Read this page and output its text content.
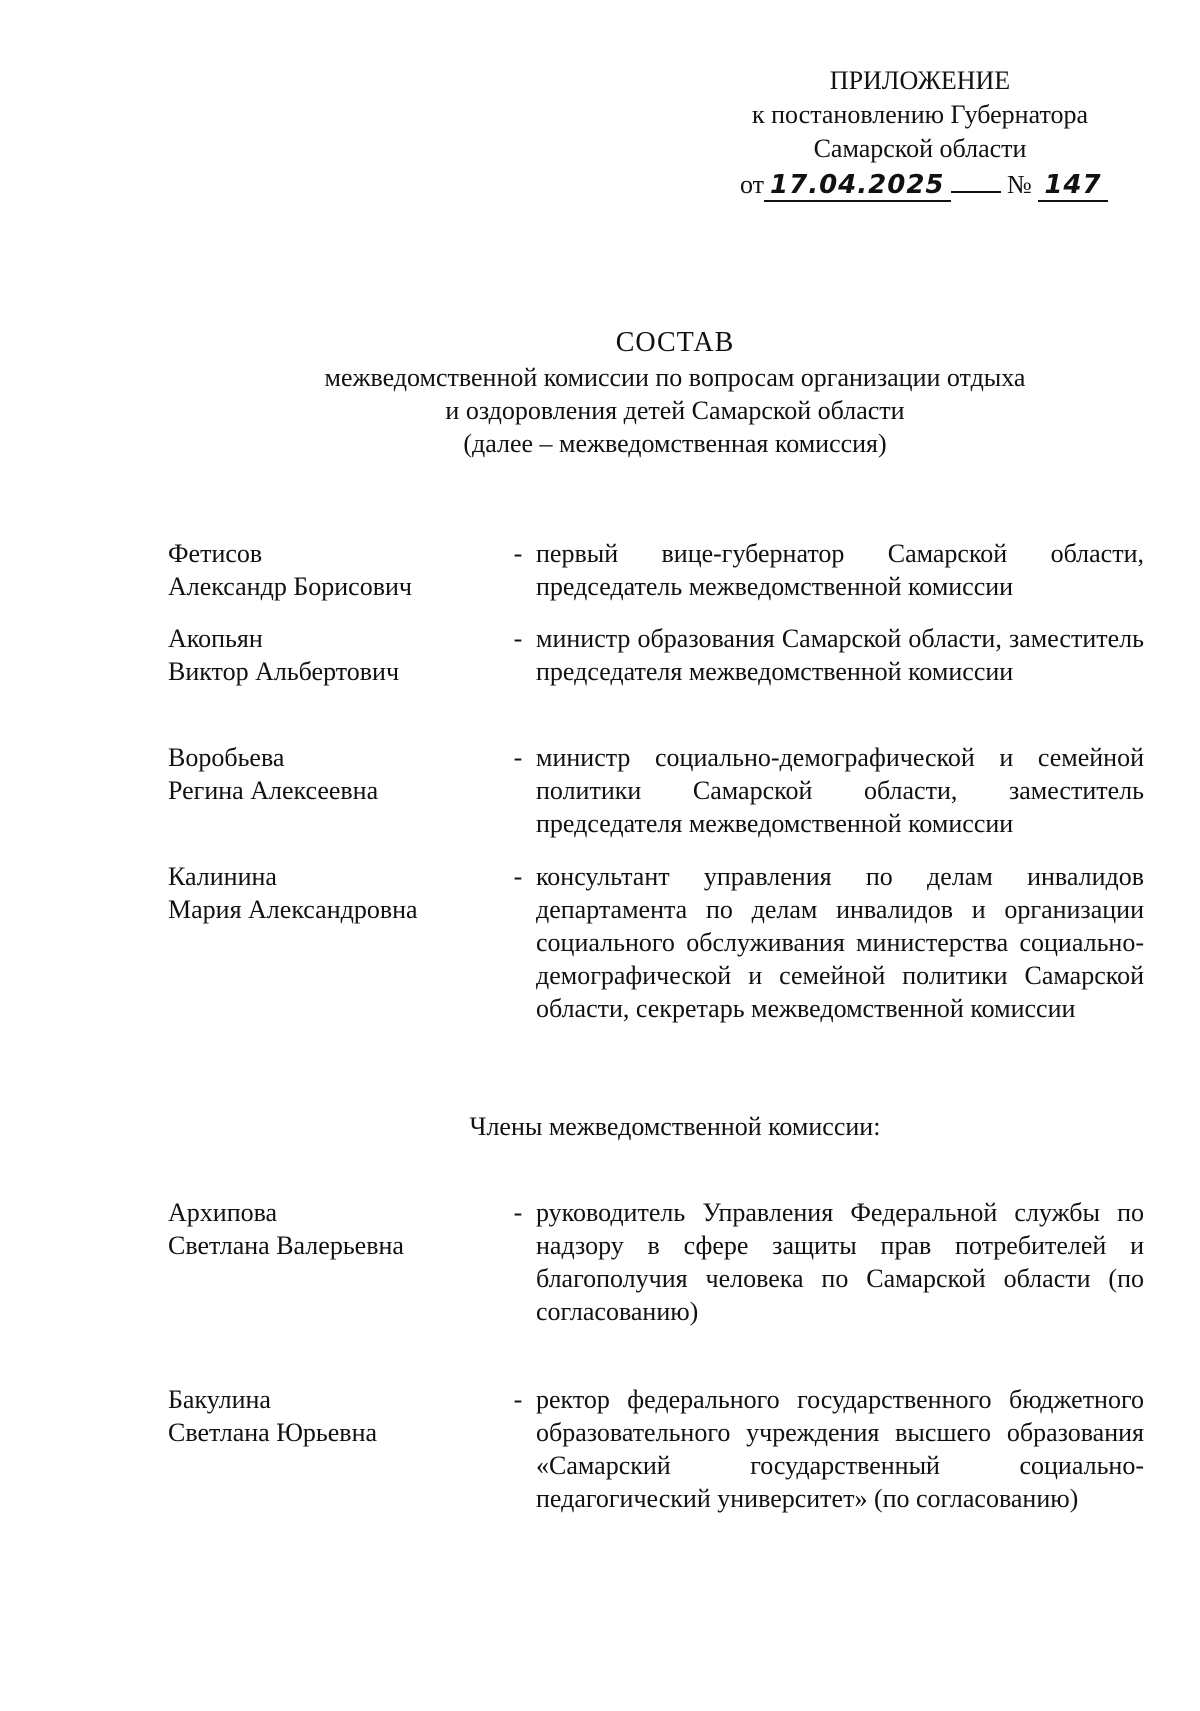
ПРИЛОЖЕНИЕ
к постановлению Губернатора
Самарской области
от 17.04.2025 № 147
СОСТАВ
межведомственной комиссии по вопросам организации отдыха
и оздоровления детей Самарской области
(далее – межведомственная комиссия)
Фетисов
Александр Борисович
- первый вице-губернатор Самарской области, председатель межведомственной комиссии
Акопьян
Виктор Альбертович
- министр образования Самарской области, заместитель председателя межведомственной комиссии
Воробьева
Регина Алексеевна
- министр социально-демографической и семейной политики Самарской области, заместитель председателя межведомственной комиссии
Калинина
Мария Александровна
- консультант управления по делам инвалидов департамента по делам инвалидов и организации социального обслуживания министерства социально-демографической и семейной политики Самарской области, секретарь межведомственной комиссии
Члены межведомственной комиссии:
Архипова
Светлана Валерьевна
- руководитель Управления Федеральной службы по надзору в сфере защиты прав потребителей и благополучия человека по Самарской области (по согласованию)
Бакулина
Светлана Юрьевна
- ректор федерального государственного бюджетного образовательного учреждения высшего образования «Самарский государственный социально-педагогический университет» (по согласованию)
